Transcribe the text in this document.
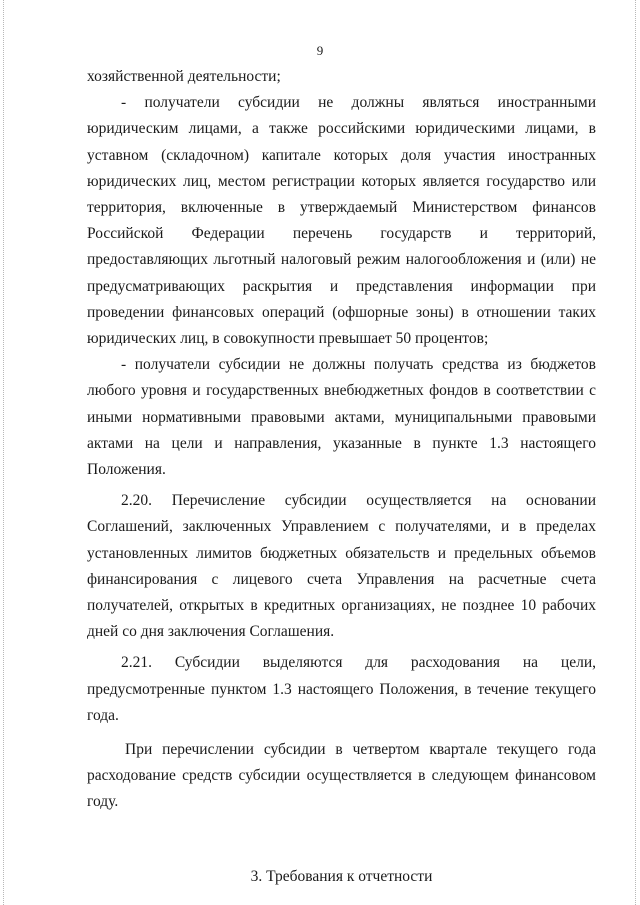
9

хозяйственной деятельности;

- получатели субсидии не должны являться иностранными юридическим лицами, а также российскими юридическими лицами, в уставном (складочном) капитале которых доля участия иностранных юридических лиц, местом регистрации которых является государство или территория, включенные в утверждаемый Министерством финансов Российской Федерации перечень государств и территорий, предоставляющих льготный налоговый режим налогообложения и (или) не предусматривающих раскрытия и представления информации при проведении финансовых операций (офшорные зоны) в отношении таких юридических лиц, в совокупности превышает 50 процентов;

- получатели субсидии не должны получать средства из бюджетов любого уровня и государственных внебюджетных фондов в соответствии с иными нормативными правовыми актами, муниципальными правовыми актами на цели и направления, указанные в пункте 1.3 настоящего Положения.

2.20. Перечисление субсидии осуществляется на основании Соглашений, заключенных Управлением с получателями, и в пределах установленных лимитов бюджетных обязательств и предельных объемов финансирования с лицевого счета Управления на расчетные счета получателей, открытых в кредитных организациях, не позднее 10 рабочих дней со дня заключения Соглашения.

2.21. Субсидии выделяются для расходования на цели, предусмотренные пунктом 1.3 настоящего Положения, в течение текущего года.

При перечислении субсидии в четвертом квартале текущего года расходование средств субсидии осуществляется в следующем финансовом году.

3. Требования к отчетности
